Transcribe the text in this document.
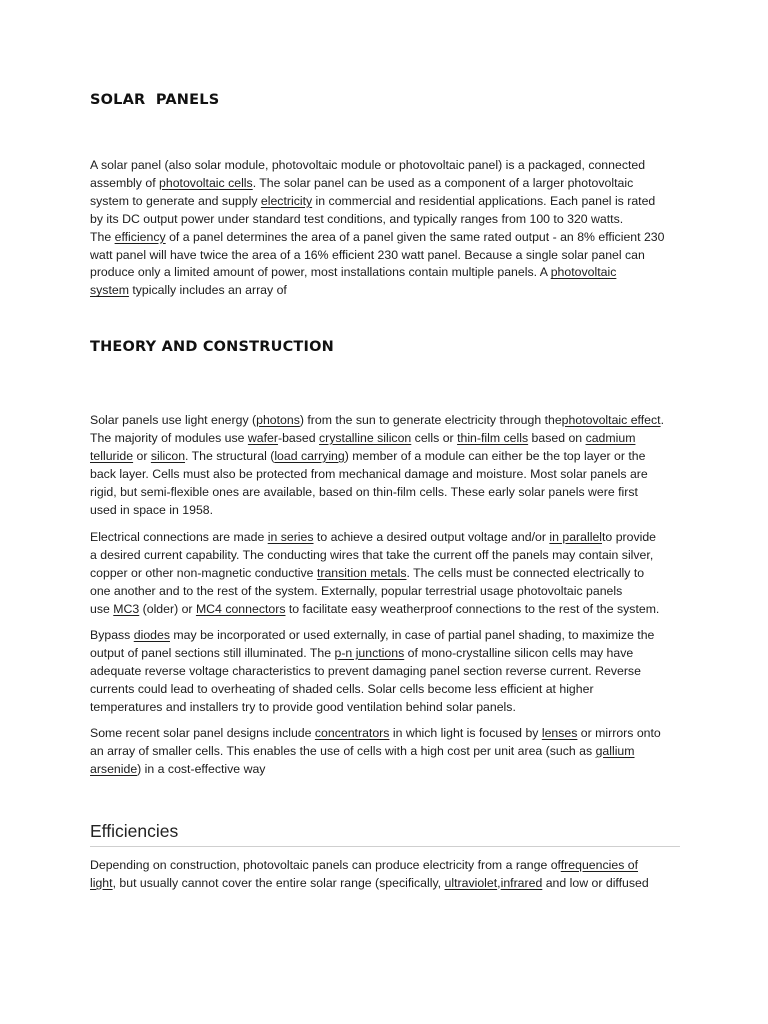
SOLAR  PANELS
A solar panel (also solar module, photovoltaic module or photovoltaic panel) is a packaged, connected
assembly of photovoltaic cells. The solar panel can be used as a component of a larger photovoltaic
system to generate and supply electricity in commercial and residential applications. Each panel is rated
by its DC output power under standard test conditions, and typically ranges from 100 to 320 watts.
The efficiency of a panel determines the area of a panel given the same rated output - an 8% efficient 230
watt panel will have twice the area of a 16% efficient 230 watt panel. Because a single solar panel can
produce only a limited amount of power, most installations contain multiple panels. A photovoltaic
system typically includes an array of
THEORY AND CONSTRUCTION
Solar panels use light energy (photons) from the sun to generate electricity through thephotovoltaic effect.
The majority of modules use wafer-based crystalline silicon cells or thin-film cells based on cadmium
telluride or silicon. The structural (load carrying) member of a module can either be the top layer or the
back layer. Cells must also be protected from mechanical damage and moisture. Most solar panels are
rigid, but semi-flexible ones are available, based on thin-film cells. These early solar panels were first
used in space in 1958.
Electrical connections are made in series to achieve a desired output voltage and/or in parallelto provide
a desired current capability. The conducting wires that take the current off the panels may contain silver,
copper or other non-magnetic conductive transition metals. The cells must be connected electrically to
one another and to the rest of the system. Externally, popular terrestrial usage photovoltaic panels
use MC3 (older) or MC4 connectors to facilitate easy weatherproof connections to the rest of the system.
Bypass diodes may be incorporated or used externally, in case of partial panel shading, to maximize the
output of panel sections still illuminated. The p-n junctions of mono-crystalline silicon cells may have
adequate reverse voltage characteristics to prevent damaging panel section reverse current. Reverse
currents could lead to overheating of shaded cells. Solar cells become less efficient at higher
temperatures and installers try to provide good ventilation behind solar panels.
Some recent solar panel designs include concentrators in which light is focused by lenses or mirrors onto
an array of smaller cells. This enables the use of cells with a high cost per unit area (such as gallium
arsenide) in a cost-effective way
Efficiencies
Depending on construction, photovoltaic panels can produce electricity from a range offrequencies of
light, but usually cannot cover the entire solar range (specifically, ultraviolet,infrared and low or diffused
